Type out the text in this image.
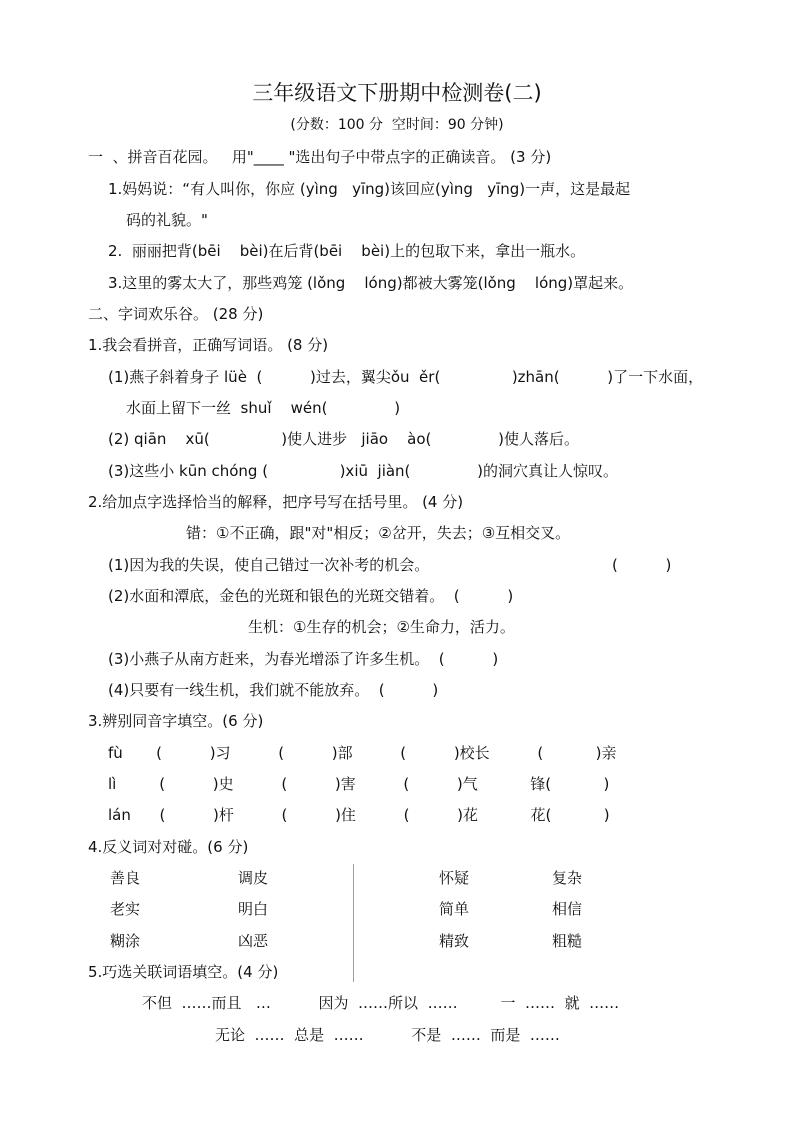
三年级语文下册期中检测卷(二)
(分数：100 分  空时间：90 分钟)
一  、拼音百花园。   用"____ "选出句子中带点字的正确读音。 (3 分)
1.妈妈说：“有人叫你，你应 (yìng   yīng)该回应(yìng   yīng)一声，这是最起
码的礼貌。"
2.  丽丽把背(bēi    bèi)在后背(bēi    bèi)上的包取下来，拿出一瓶水。
3.这里的雾太大了，那些鸡笼 (lǒng    lóng)都被大雾笼(lǒng    lóng)罩起来。
二、字词欢乐谷。 (28 分)
1.我会看拼音，正确写词语。 (8 分)
(1)燕子斜着身子 lüè  (          )过去，翼尖ǒu  ěr(               )zhān(          )了一下水面，
水面上留下一丝  shuǐ    wén(              )
(2) qiān    xū(               )使人进步   jiāo    ào(              )使人落后。
(3)这些小 kūn chóng (               )xiū  jiàn(              )的洞穴真让人惊叹。
2.给加点字选择恰当的解释，把序号写在括号里。 (4 分)
错：①不正确，跟"对"相反；②岔开，失去；③互相交叉。
(1)因为我的失误，使自己错过一次补考的机会。	(          )
(2)水面和潭底，金色的光斑和银色的光斑交错着。  (          )
生机：①生存的机会；②生命力，活力。
(3)小燕子从南方赶来，为春光增添了许多生机。  (          )
(4)只要有一线生机，我们就不能放弃。  (          )
3.辨别同音字填空。(6 分)
fù       (          )习          (          )部          (          )校长          (           )亲
lì         (          )史          (          )害          (          )气           锋(           )
lán      (          )杆          (          )住          (          )花           花(           )
4.反义词对对碰。(6 分)
善良	调皮	怀疑	复杂
老实	明白	简单	相信
糊涂	凶恶	精致	粗糙
5.巧选关联词语填空。(4 分)
不但  ……而且   …          因为  ……所以  ……         一  ……  就  ……
无论  ……  总是  ……          不是  ……  而是  ……
